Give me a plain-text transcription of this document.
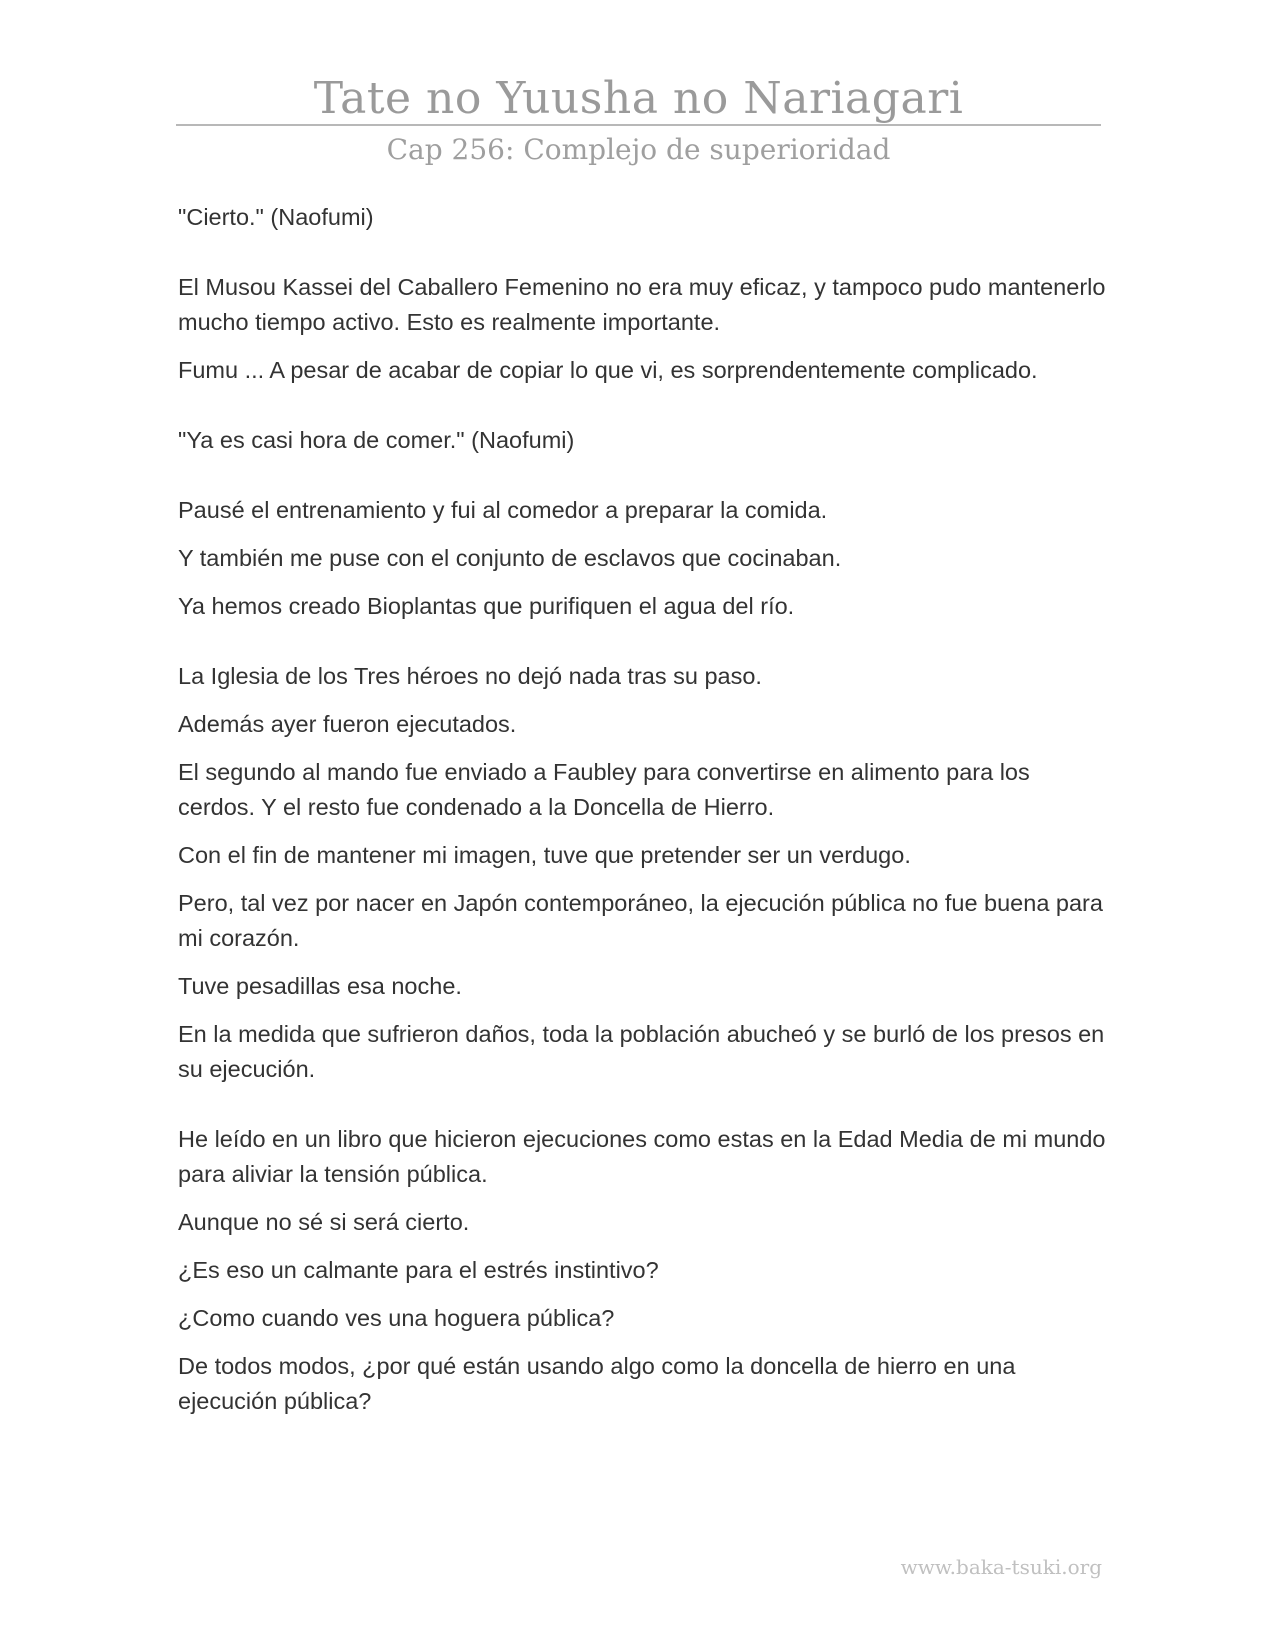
Tate no Yuusha no Nariagari
Cap 256: Complejo de superioridad

"Cierto." (Naofumi)

El Musou Kassei del Caballero Femenino no era muy eficaz, y tampoco pudo mantenerlo mucho tiempo activo. Esto es realmente importante.

Fumu ... A pesar de acabar de copiar lo que vi, es sorprendentemente complicado.

"Ya es casi hora de comer." (Naofumi)

Pausé el entrenamiento y fui al comedor a preparar la comida.

Y también me puse con el conjunto de esclavos que cocinaban.

Ya hemos creado Bioplantas que purifiquen el agua del río.

La Iglesia de los Tres héroes no dejó nada tras su paso.

Además ayer fueron ejecutados.

El segundo al mando fue enviado a Faubley para convertirse en alimento para los cerdos. Y el resto fue condenado a la Doncella de Hierro.

Con el fin de mantener mi imagen, tuve que pretender ser un verdugo.

Pero, tal vez por nacer en Japón contemporáneo, la ejecución pública no fue buena para mi corazón.

Tuve pesadillas esa noche.

En la medida que sufrieron daños, toda la población abucheó y se burló de los presos en su ejecución.

He leído en un libro que hicieron ejecuciones como estas en la Edad Media de mi mundo para aliviar la tensión pública.

Aunque no sé si será cierto.

¿Es eso un calmante para el estrés instintivo?

¿Como cuando ves una hoguera pública?

De todos modos, ¿por qué están usando algo como la doncella de hierro en una ejecución pública?

www.baka-tsuki.org
